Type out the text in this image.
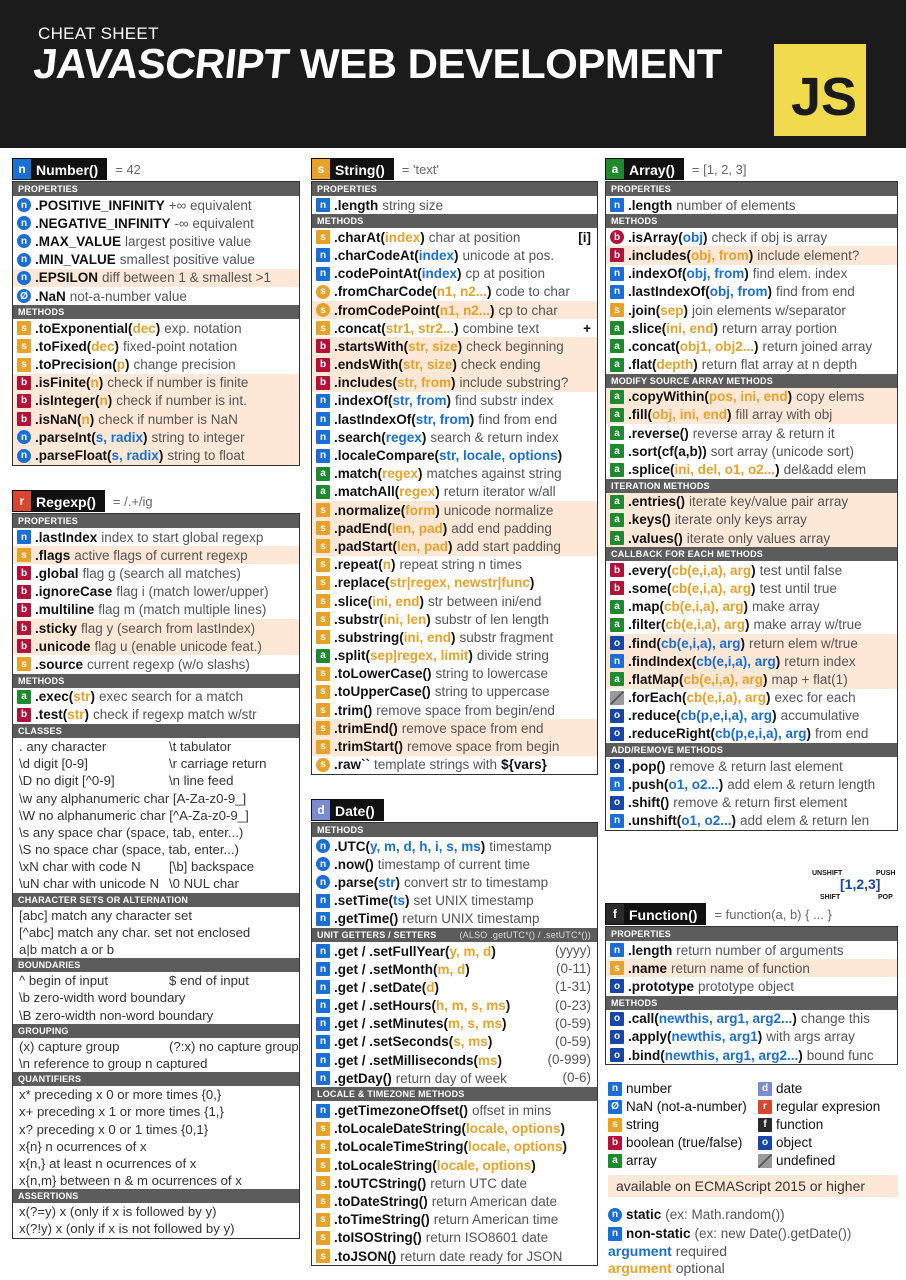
CHEAT SHEET
JAVASCRIPT WEB DEVELOPMENT
JS
n Number()	= 42
PROPERTIES
n .POSITIVE_INFINITY +∞ equivalent
n .NEGATIVE_INFINITY -∞ equivalent
n .MAX_VALUE largest positive value
n .MIN_VALUE smallest positive value
n .EPSILON diff between 1 & smallest >1
Ø .NaN not-a-number value
METHODS
s .toExponential(dec) exp. notation
s .toFixed(dec) fixed-point notation
s .toPrecision(p) change precision
b .isFinite(n) check if number is finite
b .isInteger(n) check if number is int.
b .isNaN(n) check if number is NaN
n .parseInt(s, radix) string to integer
n .parseFloat(s, radix) string to float
r Regexp()	= /.+/ig
PROPERTIES
n .lastIndex index to start global regexp
s .flags active flags of current regexp
b .global flag g (search all matches)
b .ignoreCase flag i (match lower/upper)
b .multiline flag m (match multiple lines)
b .sticky flag y (search from lastIndex)
b .unicode flag u (enable unicode feat.)
s .source current regexp (w/o slashs)
METHODS
a .exec(str) exec search for a match
b .test(str) check if regexp match w/str
CLASSES
. any character	\t tabulator
\d digit [0-9]	\r carriage return
\D no digit [^0-9]	\n line feed
\w any alphanumeric char [A-Za-z0-9_]
\W no alphanumeric char [^A-Za-z0-9_]
\s any space char (space, tab, enter...)
\S no space char (space, tab, enter...)
\xN char with code N [\b] backspace
\uN char with unicode N \0 NUL char
CHARACTER SETS OR ALTERNATION
[abc] match any character set
[^abc] match any char. set not enclosed
a|b match a or b
BOUNDARIES
^ begin of input	$ end of input
\b zero-width word boundary
\B zero-width non-word boundary
GROUPING
(x) capture group	(?:x) no capture group
\n reference to group n captured
QUANTIFIERS
x* preceding x 0 or more times {0,}
x+ preceding x 1 or more times {1,}
x? preceding x 0 or 1 times {0,1}
x{n} n ocurrences of x
x{n,} at least n ocurrences of x
x{n,m} between n & m ocurrences of x
ASSERTIONS
x(?=y) x (only if x is followed by y)
x(?!y) x (only if x is not followed by y)
s String()	= 'text'
PROPERTIES
n .length string size
METHODS
s .charAt(index) char at position	[i]
n .charCodeAt(index) unicode at pos.
n .codePointAt(index) cp at position
s .fromCharCode(n1, n2...) code to char
s .fromCodePoint(n1, n2...) cp to char
s .concat(str1, str2...) combine text	+
b .startsWith(str, size) check beginning
b .endsWith(str, size) check ending
b .includes(str, from) include substring?
n .indexOf(str, from) find substr index
n .lastIndexOf(str, from) find from end
n .search(regex) search & return index
n .localeCompare(str, locale, options)
a .match(regex) matches against string
a .matchAll(regex) return iterator w/all
s .normalize(form) unicode normalize
s .padEnd(len, pad) add end padding
s .padStart(len, pad) add start padding
s .repeat(n) repeat string n times
s .replace(str|regex, newstr|func)
s .slice(ini, end) str between ini/end
s .substr(ini, len) substr of len length
s .substring(ini, end) substr fragment
a .split(sep|regex, limit) divide string
s .toLowerCase() string to lowercase
s .toUpperCase() string to uppercase
s .trim() remove space from begin/end
s .trimEnd() remove space from end
s .trimStart() remove space from begin
s .raw`` template strings with ${vars}
d Date()
METHODS
n .UTC(y, m, d, h, i, s, ms) timestamp
n .now() timestamp of current time
n .parse(str) convert str to timestamp
n .setTime(ts) set UNIX timestamp
n .getTime() return UNIX timestamp
UNIT GETTERS / SETTERS	(ALSO .getUTC*() / .setUTC*())
n .get / .setFullYear(y, m, d)	(yyyy)
n .get / .setMonth(m, d)	(0-11)
n .get / .setDate(d)	(1-31)
n .get / .setHours(h, m, s, ms)	(0-23)
n .get / .setMinutes(m, s, ms)	(0-59)
n .get / .setSeconds(s, ms)	(0-59)
n .get / .setMilliseconds(ms)	(0-999)
n .getDay() return day of week	(0-6)
LOCALE & TIMEZONE METHODS
n .getTimezoneOffset() offset in mins
s .toLocaleDateString(locale, options)
s .toLocaleTimeString(locale, options)
s .toLocaleString(locale, options)
s .toUTCString() return UTC date
s .toDateString() return American date
s .toTimeString() return American time
s .toISOString() return ISO8601 date
s .toJSON() return date ready for JSON
a Array()	= [1, 2, 3]
PROPERTIES
n .length number of elements
METHODS
b .isArray(obj) check if obj is array
b .includes(obj, from) include element?
n .indexOf(obj, from) find elem. index
n .lastIndexOf(obj, from) find from end
s .join(sep) join elements w/separator
a .slice(ini, end) return array portion
a .concat(obj1, obj2...) return joined array
a .flat(depth) return flat array at n depth
MODIFY SOURCE ARRAY METHODS
a .copyWithin(pos, ini, end) copy elems
a .fill(obj, ini, end) fill array with obj
a .reverse() reverse array & return it
a .sort(cf(a,b)) sort array (unicode sort)
a .splice(ini, del, o1, o2...) del&add elem
ITERATION METHODS
a .entries() iterate key/value pair array
a .keys() iterate only keys array
a .values() iterate only values array
CALLBACK FOR EACH METHODS
b .every(cb(e,i,a), arg) test until false
b .some(cb(e,i,a), arg) test until true
a .map(cb(e,i,a), arg) make array
a .filter(cb(e,i,a), arg) make array w/true
o .find(cb(e,i,a), arg) return elem w/true
n .findIndex(cb(e,i,a), arg) return index
a .flatMap(cb(e,i,a), arg) map + flat(1)
.forEach(cb(e,i,a), arg) exec for each
o .reduce(cb(p,e,i,a), arg) accumulative
o .reduceRight(cb(p,e,i,a), arg) from end
ADD/REMOVE METHODS
o .pop() remove & return last element
n .push(o1, o2...) add elem & return length
o .shift() remove & return first element
n .unshift(o1, o2...) add elem & return len
UNSHIFT	PUSH
SHIFT	POP
[1,2,3]
f Function()	= function(a, b) { ... }
PROPERTIES
n .length return number of arguments
s .name return name of function
o .prototype prototype object
METHODS
o .call(newthis, arg1, arg2...) change this
o .apply(newthis, arg1) with args array
o .bind(newthis, arg1, arg2...) bound func
n number	d date
Ø NaN (not-a-number)	r regular expresion
s string	f function
b boolean (true/false)	o object
a array	undefined
available on ECMAScript 2015 or higher
n static (ex: Math.random())
n non-static (ex: new Date().getDate())
argument required
argument optional
